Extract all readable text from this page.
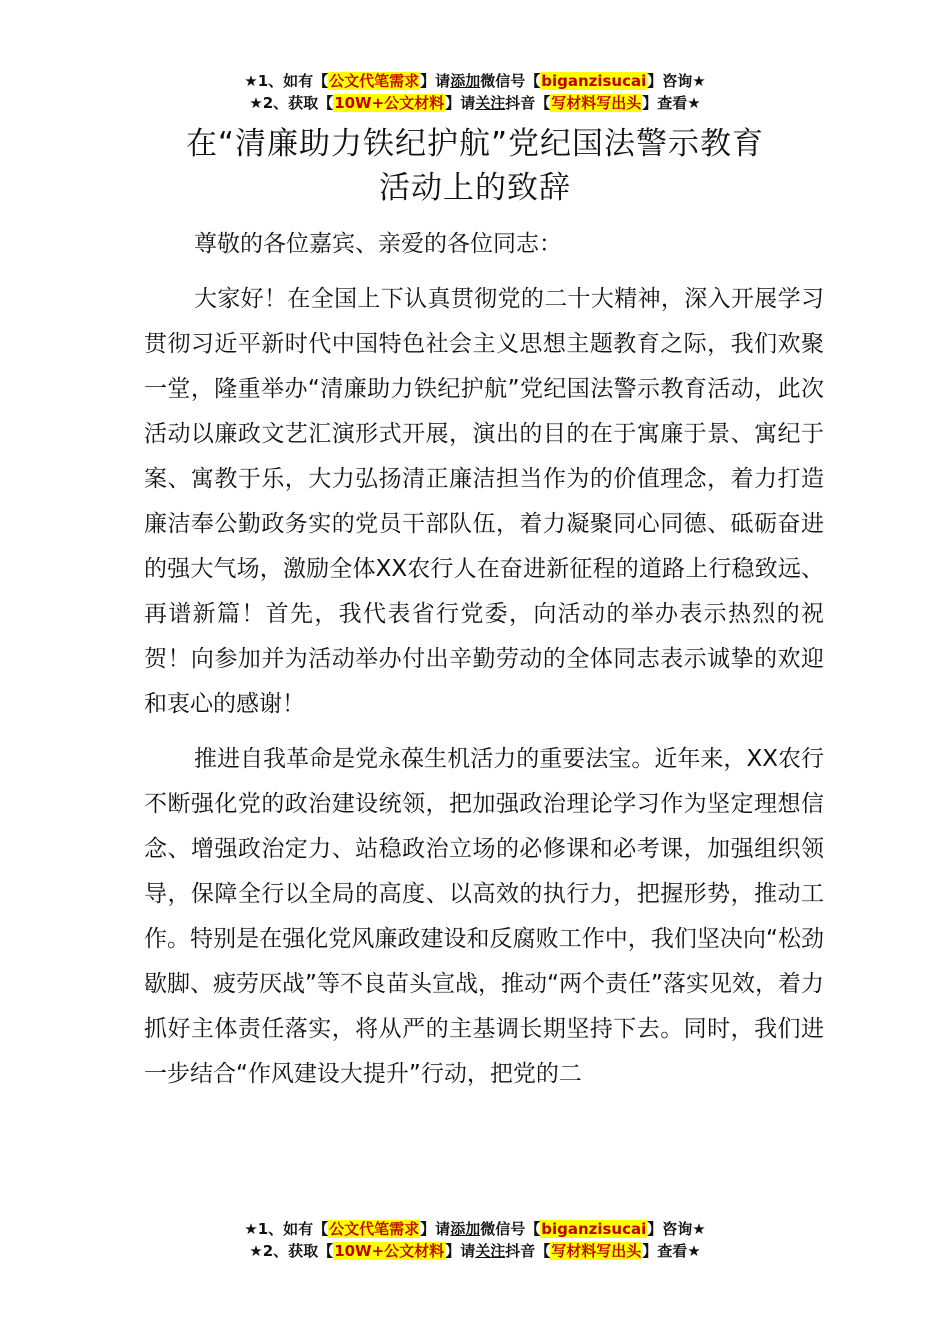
★1、如有【公文代笔需求】请添加微信号【biganzisucai】咨询★
★2、获取【10W+公文材料】请关注抖音【写材料写出头】查看★
在“清廉助力铁纪护航”党纪国法警示教育
活动上的致辞

尊敬的各位嘉宾、亲爱的各位同志：

大家好！在全国上下认真贯彻党的二十大精神，深入开展学习贯彻习近平新时代中国特色社会主义思想主题教育之际，我们欢聚一堂，隆重举办“清廉助力铁纪护航”党纪国法警示教育活动，此次活动以廉政文艺汇演形式开展，演出的目的在于寓廉于景、寓纪于案、寓教于乐，大力弘扬清正廉洁担当作为的价值理念，着力打造廉洁奉公勤政务实的党员干部队伍，着力凝聚同心同德、砥砺奋进的强大气场，激励全体XX农行人在奋进新征程的道路上行稳致远、再谱新篇！首先，我代表省行党委，向活动的举办表示热烈的祝贺！向参加并为活动举办付出辛勤劳动的全体同志表示诚挚的欢迎和衷心的感谢！

推进自我革命是党永葆生机活力的重要法宝。近年来，XX农行不断强化党的政治建设统领，把加强政治理论学习作为坚定理想信念、增强政治定力、站稳政治立场的必修课和必考课，加强组织领导，保障全行以全局的高度、以高效的执行力，把握形势，推动工作。特别是在强化党风廉政建设和反腐败工作中，我们坚决向“松劲歇脚、疲劳厌战”等不良苗头宣战，推动“两个责任”落实见效，着力抓好主体责任落实，将从严的主基调长期坚持下去。同时，我们进一步结合“作风建设大提升”行动，把党的二

★1、如有【公文代笔需求】请添加微信号【biganzisucai】咨询★
★2、获取【10W+公文材料】请关注抖音【写材料写出头】查看★
